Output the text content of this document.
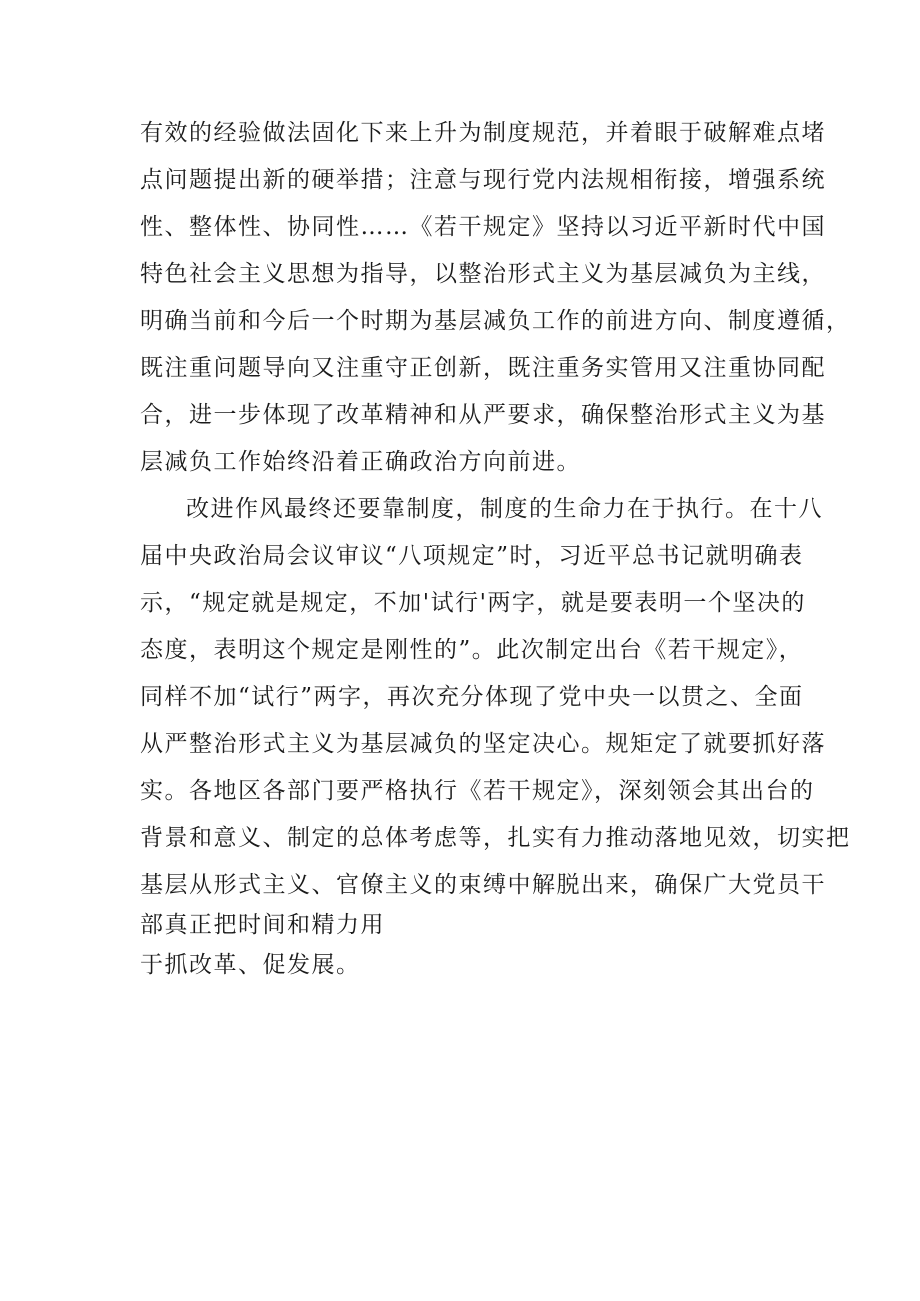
有效的经验做法固化下来上升为制度规范，并着眼于破解难点堵
点问题提出新的硬举措；注意与现行党内法规相衔接，增强系统
性、整体性、协同性……《若干规定》坚持以习近平新时代中国
特色社会主义思想为指导，以整治形式主义为基层减负为主线，
明确当前和今后一个时期为基层减负工作的前进方向、制度遵循，
既注重问题导向又注重守正创新，既注重务实管用又注重协同配
合，进一步体现了改革精神和从严要求，确保整治形式主义为基
层减负工作始终沿着正确政治方向前进。
改进作风最终还要靠制度，制度的生命力在于执行。在十八
届中央政治局会议审议“八项规定”时，习近平总书记就明确表
示，“规定就是规定，不加'试行'两字，就是要表明一个坚决的
态度，表明这个规定是刚性的”。此次制定出台《若干规定》，
同样不加“试行”两字，再次充分体现了党中央一以贯之、全面
从严整治形式主义为基层减负的坚定决心。规矩定了就要抓好落
实。各地区各部门要严格执行《若干规定》，深刻领会其出台的
背景和意义、制定的总体考虑等，扎实有力推动落地见效，切实把
基层从形式主义、官僚主义的束缚中解脱出来，确保广大党员干
部真正把时间和精力用
于抓改革、促发展。
